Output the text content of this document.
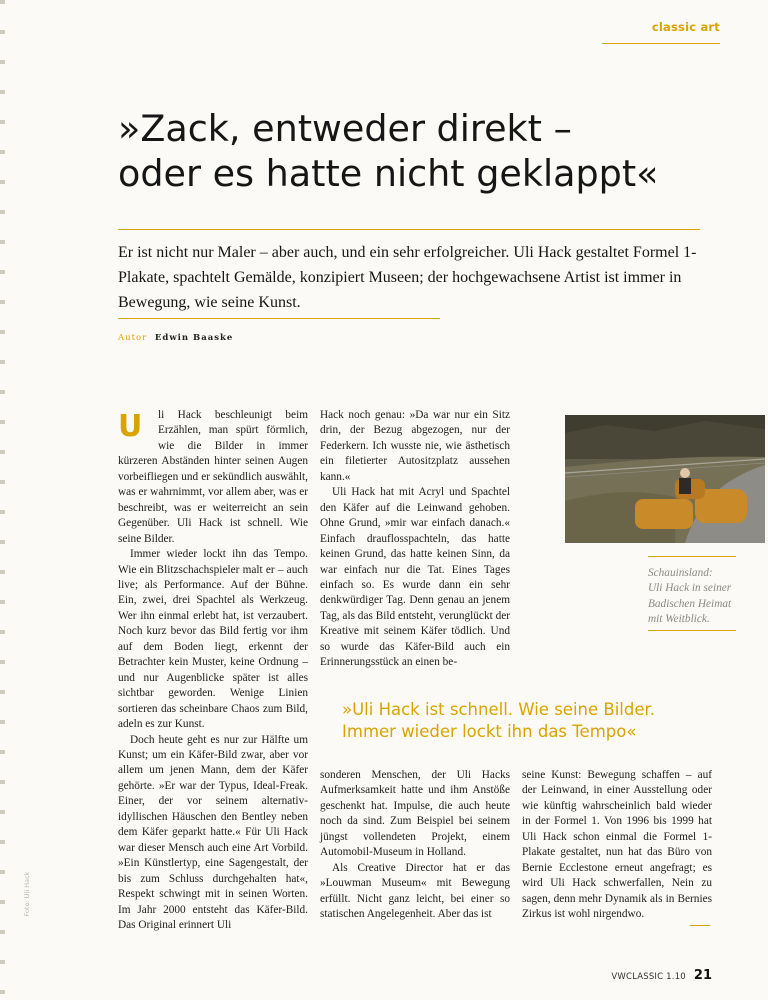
classic art
»Zack, entweder direkt –
oder es hatte nicht geklappt«

Er ist nicht nur Maler – aber auch, und ein sehr erfolgreicher. Uli Hack gestaltet Formel 1-Plakate, spachtelt Gemälde, konzipiert Museen; der hochgewachsene Artist ist immer in Bewegung, wie seine Kunst.

Autor Edwin Baaske

U	li Hack beschleunigt beim Erzählen, man spürt förmlich, wie die Bilder in immer kürzeren Abständen hinter seinen Augen vorbeifliegen und er sekündlich auswählt, was er wahrnimmt, vor allem aber, was er beschreibt, was er weiterreicht an sein Gegenüber. Uli Hack ist schnell. Wie seine Bilder.

Immer wieder lockt ihn das Tempo. Wie ein Blitzschachspieler malt er – auch live; als Performance. Auf der Bühne. Ein, zwei, drei Spachtel als Werkzeug. Wer ihn einmal erlebt hat, ist verzaubert. Noch kurz bevor das Bild fertig vor ihm auf dem Boden liegt, erkennt der Betrachter kein Muster, keine Ordnung – und nur Augenblicke später ist alles sichtbar geworden. Wenige Linien sortieren das scheinbare Chaos zum Bild, adeln es zur Kunst.

Doch heute geht es nur zur Hälfte um Kunst; um ein Käfer-Bild zwar, aber vor allem um jenen Mann, dem der Käfer gehörte. »Er war der Typus, Ideal-Freak. Einer, der vor seinem alternativ-idyllischen Häuschen den Bentley neben dem Käfer geparkt hatte.« Für Uli Hack war dieser Mensch auch eine Art Vorbild. »Ein Künstlertyp, eine Sagengestalt, der bis zum Schluss durchgehalten hat«, Respekt schwingt mit in seinen Worten. Im Jahr 2000 entsteht das Käfer-Bild. Das Original erinnert Uli

Hack noch genau: »Da war nur ein Sitz drin, der Bezug abgezogen, nur der Federkern. Ich wusste nie, wie ästhetisch ein filetierter Autositzplatz aussehen kann.«

Uli Hack hat mit Acryl und Spachtel den Käfer auf die Leinwand gehoben. Ohne Grund, »mir war einfach danach.« Einfach drauflosspachteln, das hatte keinen Grund, das hatte keinen Sinn, da war einfach nur die Tat. Eines Tages einfach so. Es wurde dann ein sehr denkwürdiger Tag. Denn genau an jenem Tag, als das Bild entsteht, verunglückt der Kreative mit seinem Käfer tödlich. Und so wurde das Käfer-Bild auch ein Erinnerungsstück an einen be-

Schauinsland:
Uli Hack in seiner Badischen Heimat mit Weitblick.
»Uli Hack ist schnell. Wie seine Bilder.
Immer wieder lockt ihn das Tempo«

sonderen Menschen, der Uli Hacks Aufmerksamkeit hatte und ihm Anstöße geschenkt hat. Impulse, die auch heute noch da sind. Zum Beispiel bei seinem jüngst vollendeten Projekt, einem Automobil-Museum in Holland.

Als Creative Director hat er das »Louwman Museum« mit Bewegung erfüllt. Nicht ganz leicht, bei einer so statischen Angelegenheit. Aber das ist

seine Kunst: Bewegung schaffen – auf der Leinwand, in einer Ausstellung oder wie künftig wahrscheinlich bald wieder in der Formel 1. Von 1996 bis 1999 hat Uli Hack schon einmal die Formel 1-Plakate gestaltet, nun hat das Büro von Bernie Ecclestone erneut angefragt; es wird Uli Hack schwerfallen, Nein zu sagen, denn mehr Dynamik als in Bernies Zirkus ist wohl nirgendwo.

Foto: Uli Hack
VWCLASSIC 1.10 21
